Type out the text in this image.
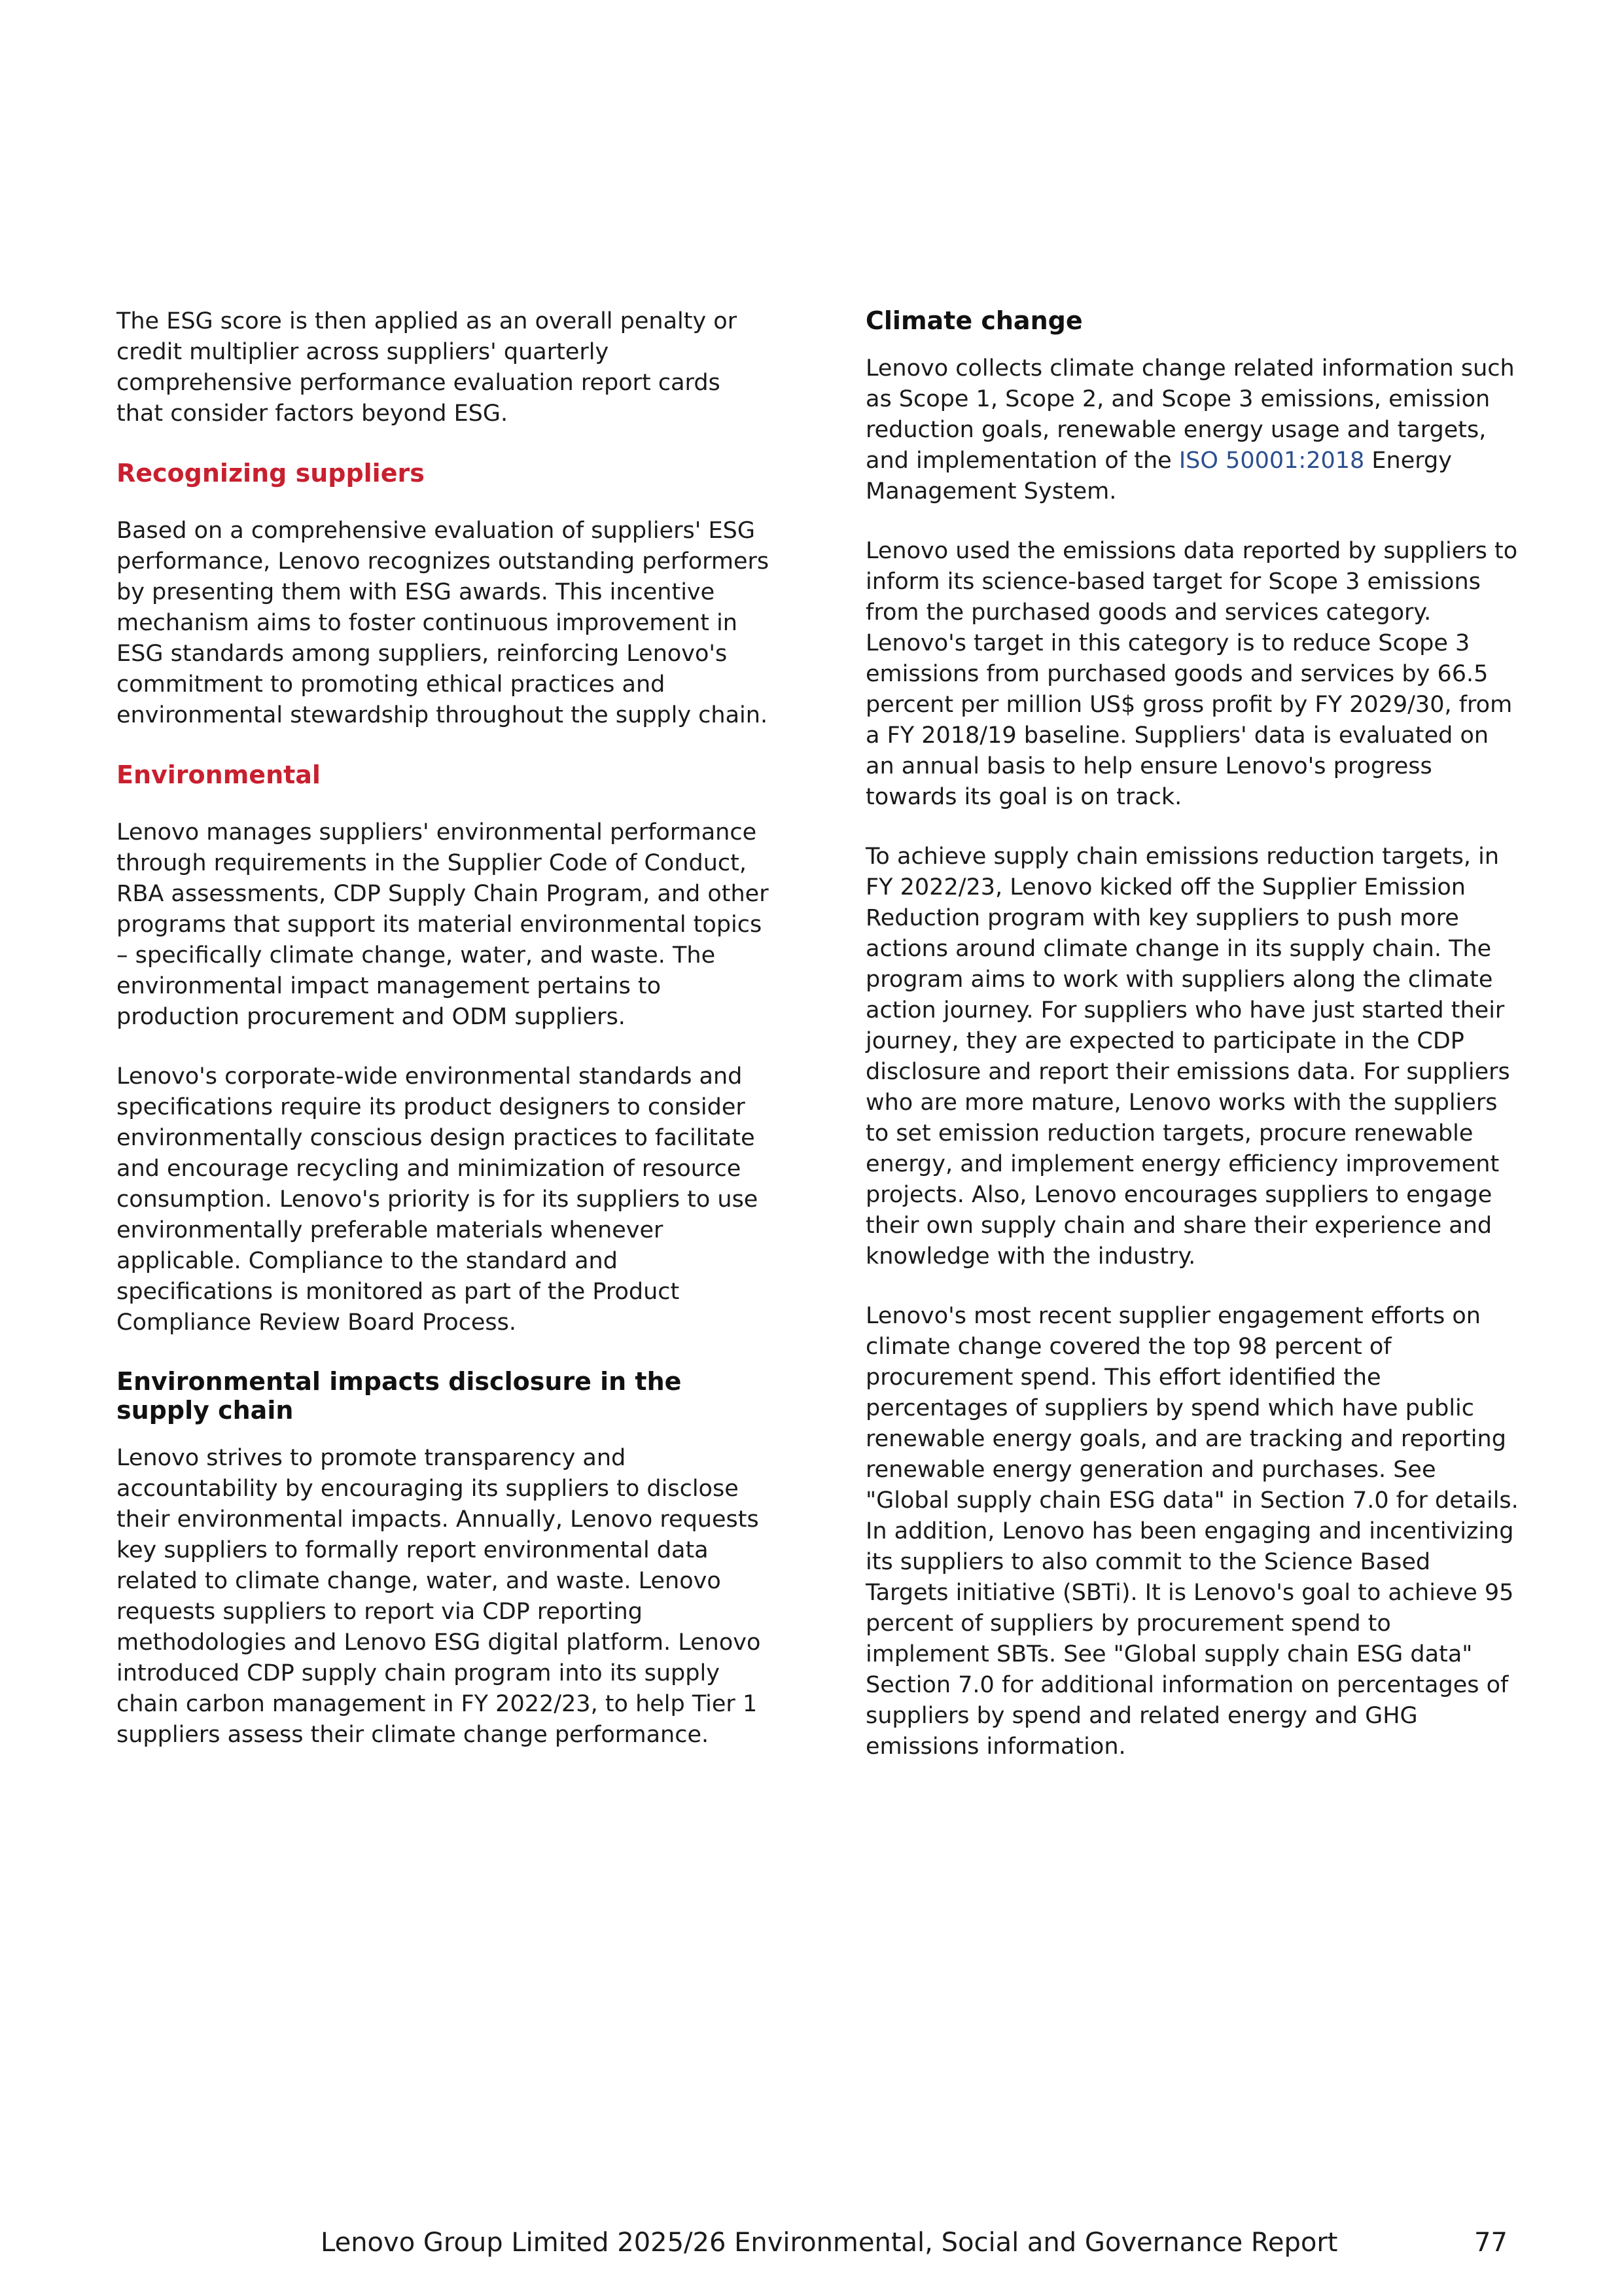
The ESG score is then applied as an overall penalty or credit multiplier across suppliers' quarterly comprehensive performance evaluation report cards that consider factors beyond ESG.

Recognizing suppliers

Based on a comprehensive evaluation of suppliers' ESG performance, Lenovo recognizes outstanding performers by presenting them with ESG awards. This incentive mechanism aims to foster continuous improvement in ESG standards among suppliers, reinforcing Lenovo's commitment to promoting ethical practices and environmental stewardship throughout the supply chain.

Environmental

Lenovo manages suppliers' environmental performance through requirements in the Supplier Code of Conduct, RBA assessments, CDP Supply Chain Program, and other programs that support its material environmental topics – specifically climate change, water, and waste. The environmental impact management pertains to production procurement and ODM suppliers.

Lenovo's corporate-wide environmental standards and specifications require its product designers to consider environmentally conscious design practices to facilitate and encourage recycling and minimization of resource consumption. Lenovo's priority is for its suppliers to use environmentally preferable materials whenever applicable. Compliance to the standard and specifications is monitored as part of the Product Compliance Review Board Process.

Environmental impacts disclosure in the supply chain

Lenovo strives to promote transparency and accountability by encouraging its suppliers to disclose their environmental impacts. Annually, Lenovo requests key suppliers to formally report environmental data related to climate change, water, and waste. Lenovo requests suppliers to report via CDP reporting methodologies and Lenovo ESG digital platform. Lenovo introduced CDP supply chain program into its supply chain carbon management in FY 2022/23, to help Tier 1 suppliers assess their climate change performance.

Climate change

Lenovo collects climate change related information such as Scope 1, Scope 2, and Scope 3 emissions, emission reduction goals, renewable energy usage and targets, and implementation of the ISO 50001:2018 Energy Management System.

Lenovo used the emissions data reported by suppliers to inform its science-based target for Scope 3 emissions from the purchased goods and services category. Lenovo's target in this category is to reduce Scope 3 emissions from purchased goods and services by 66.5 percent per million US$ gross profit by FY 2029/30, from a FY 2018/19 baseline. Suppliers' data is evaluated on an annual basis to help ensure Lenovo's progress towards its goal is on track.

To achieve supply chain emissions reduction targets, in FY 2022/23, Lenovo kicked off the Supplier Emission Reduction program with key suppliers to push more actions around climate change in its supply chain. The program aims to work with suppliers along the climate action journey. For suppliers who have just started their journey, they are expected to participate in the CDP disclosure and report their emissions data. For suppliers who are more mature, Lenovo works with the suppliers to set emission reduction targets, procure renewable energy, and implement energy efficiency improvement projects. Also, Lenovo encourages suppliers to engage their own supply chain and share their experience and knowledge with the industry.

Lenovo's most recent supplier engagement efforts on climate change covered the top 98 percent of procurement spend. This effort identified the percentages of suppliers by spend which have public renewable energy goals, and are tracking and reporting renewable energy generation and purchases. See "Global supply chain ESG data" in Section 7.0 for details. In addition, Lenovo has been engaging and incentivizing its suppliers to also commit to the Science Based Targets initiative (SBTi). It is Lenovo's goal to achieve 95 percent of suppliers by procurement spend to implement SBTs. See "Global supply chain ESG data" Section 7.0 for additional information on percentages of suppliers by spend and related energy and GHG emissions information.

Lenovo Group Limited 2025/26 Environmental, Social and Governance Report	77
